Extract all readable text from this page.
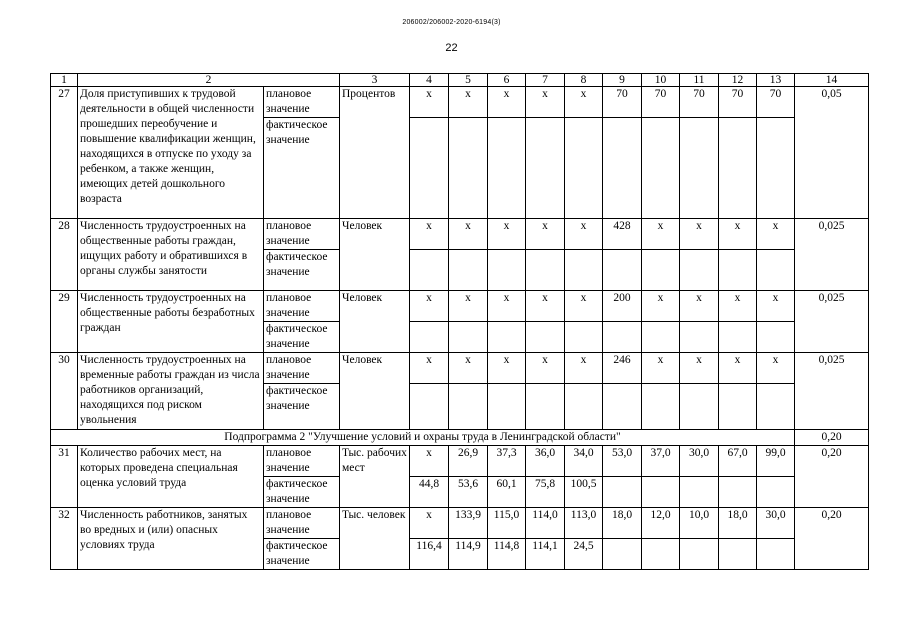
206002/206002-2020-6194(3)
22
1	2		3	4	5	6	7	8	9	10	11	12	13	14
27	Доля приступивших к трудовой деятельности в общей численности прошедших переобучение и повышение квалификации женщин, находящихся в отпуске по уходу за ребенком, а также женщин, имеющих детей дошкольного возраста	плановое значение	Процентов	x	x	x	x	x	70	70	70	70	70	0,05
		фактическое значение												
28	Численность трудоустроенных на общественные работы граждан, ищущих работу и обратившихся в органы службы занятости	плановое значение	Человек	x	x	x	x	x	428	x	x	x	x	0,025
		фактическое значение												
29	Численность трудоустроенных на общественные работы безработных граждан	плановое значение	Человек	x	x	x	x	x	200	x	x	x	x	0,025
		фактическое значение												
30	Численность трудоустроенных на временные работы граждан из числа работников организаций, находящихся под риском увольнения	плановое значение	Человек	x	x	x	x	x	246	x	x	x	x	0,025
		фактическое значение												
Подпрограмма 2 "Улучшение условий и охраны труда в Ленинградской области"														0,20
31	Количество рабочих мест, на которых проведена специальная оценка условий труда	плановое значение	Тыс. рабочих мест	x	26,9	37,3	36,0	34,0	53,0	37,0	30,0	67,0	99,0	0,20
		фактическое значение		44,8	53,6	60,1	75,8	100,5						
32	Численность работников, занятых во вредных и (или) опасных условиях труда	плановое значение	Тыс. человек	x	133,9	115,0	114,0	113,0	18,0	12,0	10,0	18,0	30,0	0,20
		фактическое значение		116,4	114,9	114,8	114,1	24,5						
